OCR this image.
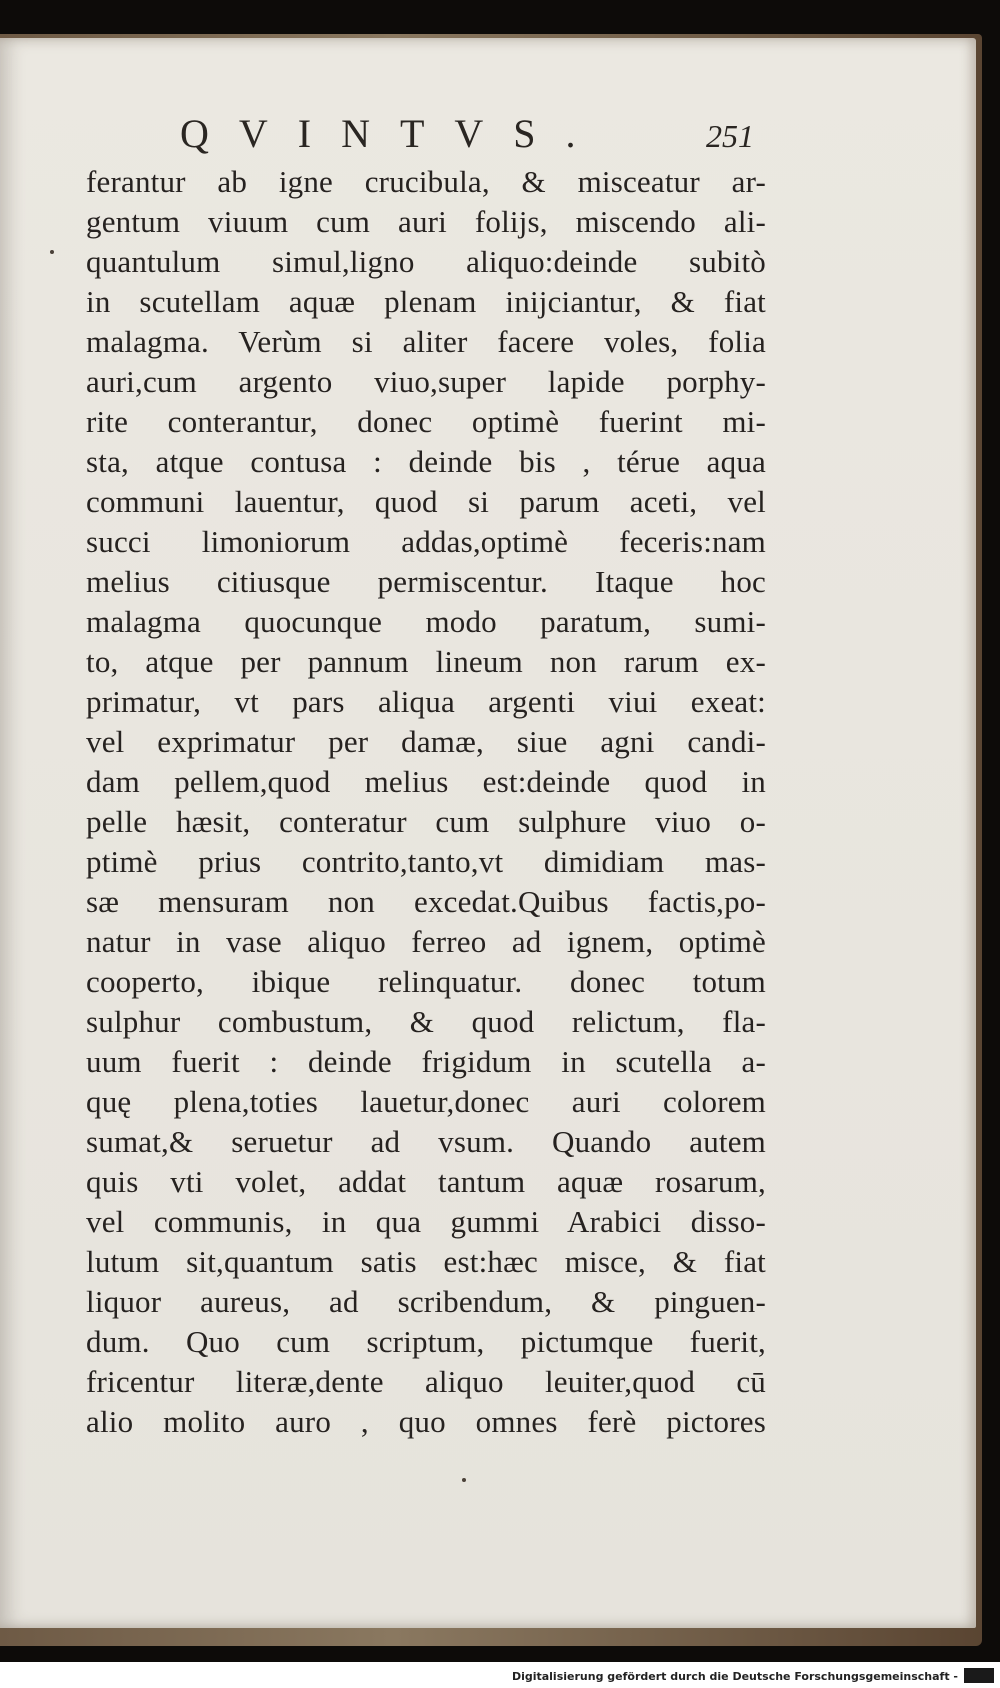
QVINTVS.	251
ferantur ab igne crucibula, & misceatur ar-
gentum viuum cum auri folijs, miscendo ali-
quantulum simul,ligno aliquo:deinde subitò
in scutellam aquæ plenam inijciantur, & fiat
malagma. Verùm si aliter facere voles, folia
auri,cum argento viuo,super lapide porphy-
rite conterantur, donec optimè fuerint mi-
sta, atque contusa : deinde bis , térue aqua
communi lauentur, quod si parum aceti, vel
succi limoniorum addas,optimè feceris:nam
melius citiusque permiscentur. Itaque hoc
malagma quocunque modo paratum, sumi-
to, atque per pannum lineum non rarum ex-
primatur, vt pars aliqua argenti viui exeat:
vel exprimatur per damæ, siue agni candi-
dam pellem,quod melius est:deinde quod in
pelle hæsit, conteratur cum sulphure viuo o-
ptimè prius contrito,tanto,vt dimidiam mas-
sæ mensuram non excedat.Quibus factis,po-
natur in vase aliquo ferreo ad ignem, optimè
cooperto, ibique relinquatur. donec totum
sulphur combustum, & quod relictum, fla-
uum fuerit : deinde frigidum in scutella a-
quę plena,toties lauetur,donec auri colorem
sumat,& seruetur ad vsum. Quando autem
quis vti volet, addat tantum aquæ rosarum,
vel communis, in qua gummi Arabici disso-
lutum sit,quantum satis est:hæc misce, & fiat
liquor aureus, ad scribendum, & pinguen-
dum. Quo cum scriptum, pictumque fuerit,
fricentur literæ,dente aliquo leuiter,quod cū
alio molito auro , quo omnes ferè pictores
Digitalisierung gefördert durch die Deutsche Forschungsgemeinschaft -
